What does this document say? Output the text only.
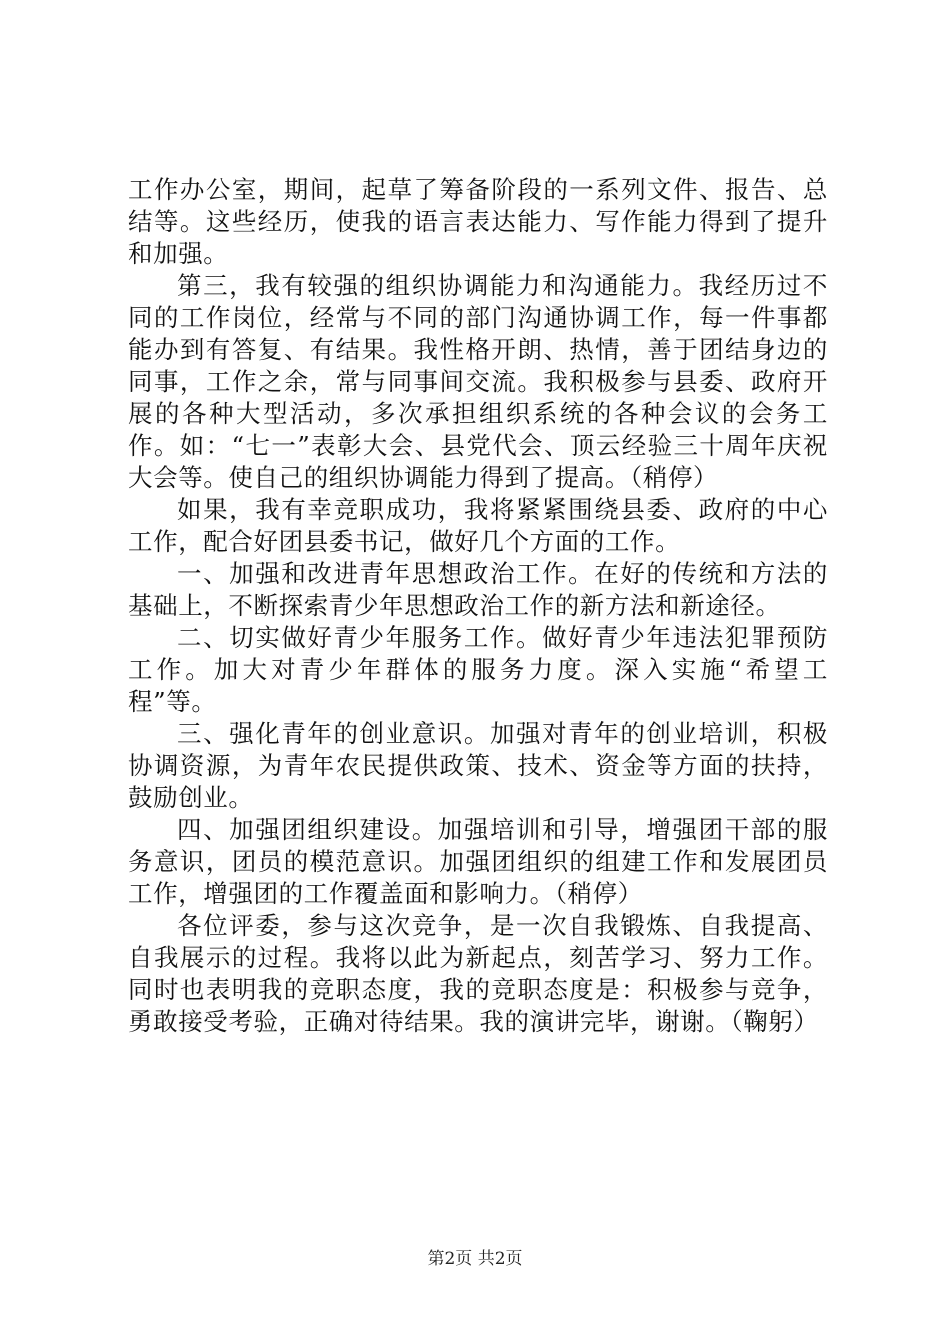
工作办公室，期间，起草了筹备阶段的一系列文件、报告、总结等。这些经历，使我的语言表达能力、写作能力得到了提升和加强。

第三，我有较强的组织协调能力和沟通能力。我经历过不同的工作岗位，经常与不同的部门沟通协调工作，每一件事都能办到有答复、有结果。我性格开朗、热情，善于团结身边的同事，工作之余，常与同事间交流。我积极参与县委、政府开展的各种大型活动，多次承担组织系统的各种会议的会务工作。如：“七一”表彰大会、县党代会、顶云经验三十周年庆祝大会等。使自己的组织协调能力得到了提高。（稍停）

如果，我有幸竞职成功，我将紧紧围绕县委、政府的中心工作，配合好团县委书记，做好几个方面的工作。

一、加强和改进青年思想政治工作。在好的传统和方法的基础上，不断探索青少年思想政治工作的新方法和新途径。

二、切实做好青少年服务工作。做好青少年违法犯罪预防工作。加大对青少年群体的服务力度。深入实施“希望工程”等。

三、强化青年的创业意识。加强对青年的创业培训，积极协调资源，为青年农民提供政策、技术、资金等方面的扶持，鼓励创业。

四、加强团组织建设。加强培训和引导，增强团干部的服务意识，团员的模范意识。加强团组织的组建工作和发展团员工作，增强团的工作覆盖面和影响力。（稍停）

各位评委，参与这次竞争，是一次自我锻炼、自我提高、自我展示的过程。我将以此为新起点，刻苦学习、努力工作。同时也表明我的竞职态度，我的竞职态度是：积极参与竞争，勇敢接受考验，正确对待结果。我的演讲完毕，谢谢。（鞠躬）

第2页 共2页
